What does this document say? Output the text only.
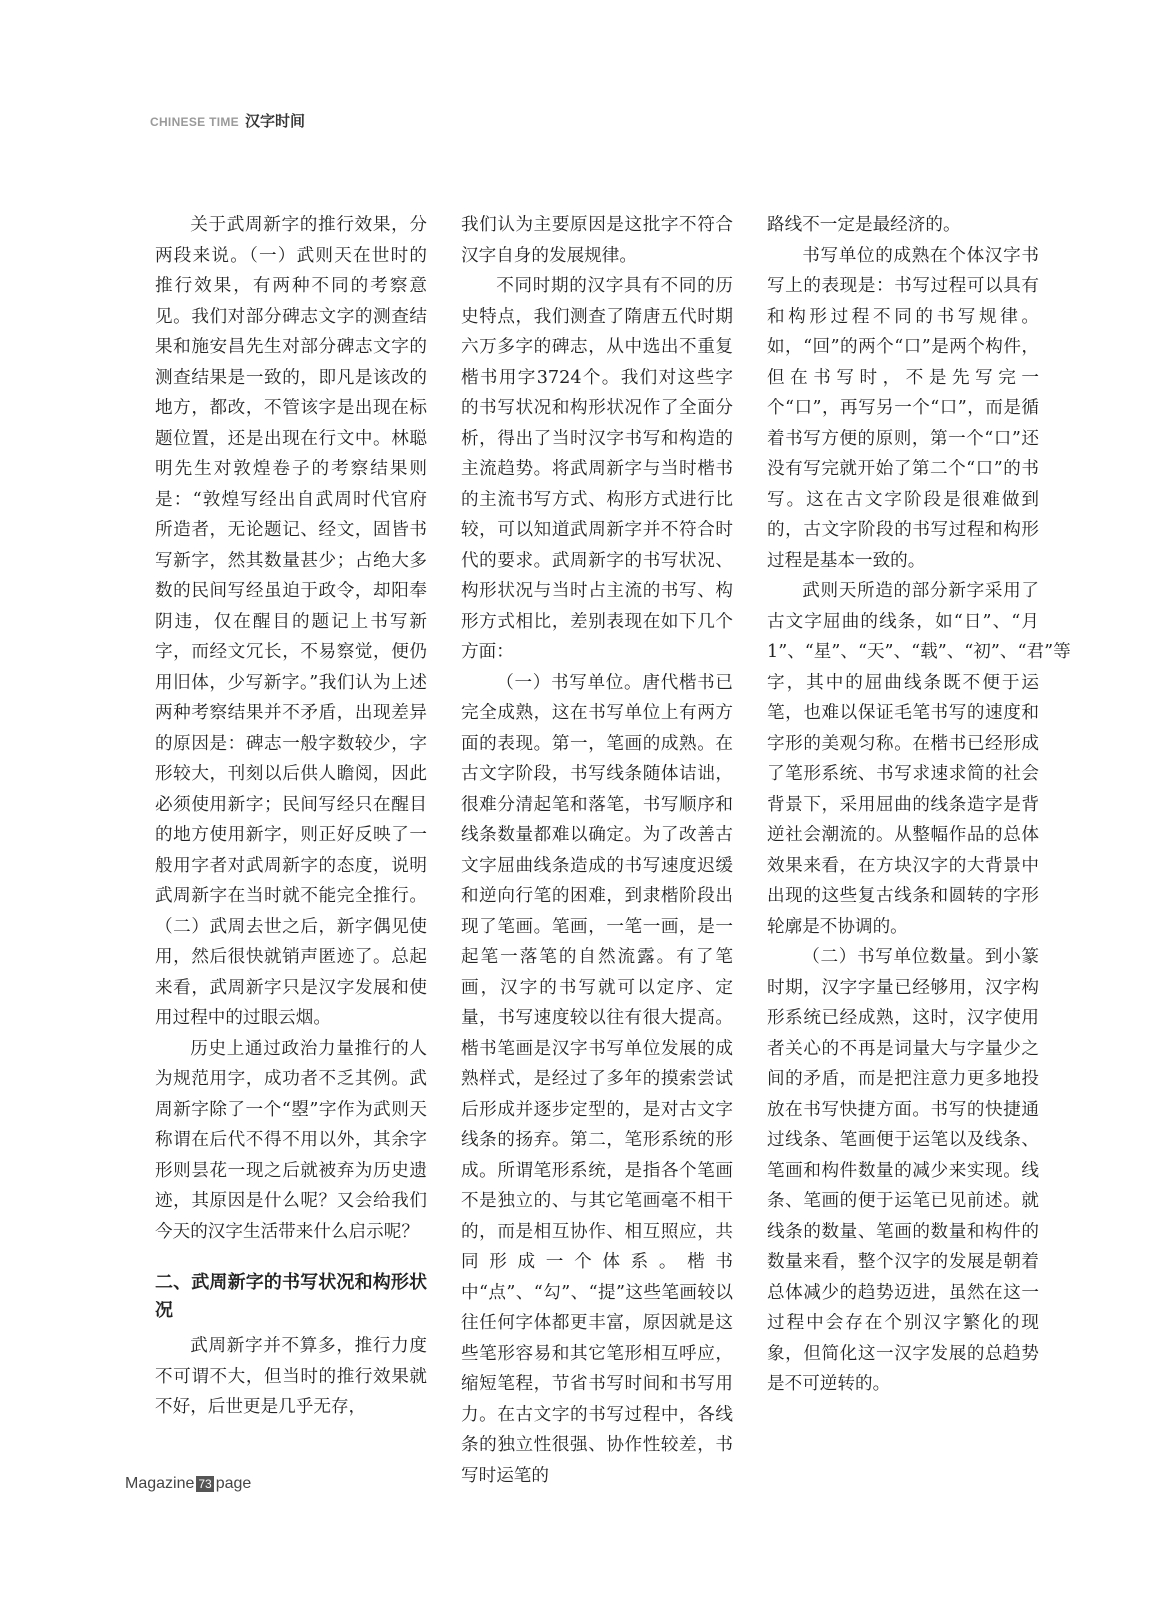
CHINESE TIME 汉字时间

关于武周新字的推行效果，分两段来说。（一）武则天在世时的推行效果，有两种不同的考察意见。我们对部分碑志文字的测查结果和施安昌先生对部分碑志文字的测查结果是一致的，即凡是该改的地方，都改，不管该字是出现在标题位置，还是出现在行文中。林聪明先生对敦煌卷子的考察结果则是：“敦煌写经出自武周时代官府所造者，无论题记、经文，固皆书写新字，然其数量甚少；占绝大多数的民间写经虽迫于政令，却阳奉阴违，仅在醒目的题记上书写新字，而经文冗长，不易察觉，便仍用旧体，少写新字。”我们认为上述两种考察结果并不矛盾，出现差异的原因是：碑志一般字数较少，字形较大，刊刻以后供人瞻阅，因此必须使用新字；民间写经只在醒目的地方使用新字，则正好反映了一般用字者对武周新字的态度，说明武周新字在当时就不能完全推行。（二）武周去世之后，新字偶见使用，然后很快就销声匿迹了。总起来看，武周新字只是汉字发展和使用过程中的过眼云烟。

历史上通过政治力量推行的人为规范用字，成功者不乏其例。武周新字除了一个“曌”字作为武则天称谓在后代不得不用以外，其余字形则昙花一现之后就被弃为历史遗迹，其原因是什么呢？又会给我们今天的汉字生活带来什么启示呢？

二、武周新字的书写状况和构形状况

武周新字并不算多，推行力度不可谓不大，但当时的推行效果就不好，后世更是几乎无存，

我们认为主要原因是这批字不符合汉字自身的发展规律。

不同时期的汉字具有不同的历史特点，我们测查了隋唐五代时期六万多字的碑志，从中选出不重复楷书用字3724个。我们对这些字的书写状况和构形状况作了全面分析，得出了当时汉字书写和构造的主流趋势。将武周新字与当时楷书的主流书写方式、构形方式进行比较，可以知道武周新字并不符合时代的要求。武周新字的书写状况、构形状况与当时占主流的书写、构形方式相比，差别表现在如下几个方面：

（一）书写单位。唐代楷书已完全成熟，这在书写单位上有两方面的表现。第一，笔画的成熟。在古文字阶段，书写线条随体诘诎，很难分清起笔和落笔，书写顺序和线条数量都难以确定。为了改善古文字屈曲线条造成的书写速度迟缓和逆向行笔的困难，到隶楷阶段出现了笔画。笔画，一笔一画，是一起笔一落笔的自然流露。有了笔画，汉字的书写就可以定序、定量，书写速度较以往有很大提高。楷书笔画是汉字书写单位发展的成熟样式，是经过了多年的摸索尝试后形成并逐步定型的，是对古文字线条的扬弃。第二，笔形系统的形成。所谓笔形系统，是指各个笔画不是独立的、与其它笔画毫不相干的，而是相互协作、相互照应，共同形成一个体系。楷书中“点”、“勾”、“提”这些笔画较以往任何字体都更丰富，原因就是这些笔形容易和其它笔形相互呼应，缩短笔程，节省书写时间和书写用力。在古文字的书写过程中，各线条的独立性很强、协作性较差，书写时运笔的

路线不一定是最经济的。

书写单位的成熟在个体汉字书写上的表现是：书写过程可以具有和构形过程不同的书写规律。如，“回”的两个“口”是两个构件，但在书写时，不是先写完一个“口”，再写另一个“口”，而是循着书写方便的原则，第一个“口”还没有写完就开始了第二个“口”的书写。这在古文字阶段是很难做到的，古文字阶段的书写过程和构形过程是基本一致的。

武则天所造的部分新字采用了古文字屈曲的线条，如“日”、“月1”、“星”、“天”、“载”、“初”、“君”等字，其中的屈曲线条既不便于运笔，也难以保证毛笔书写的速度和字形的美观匀称。在楷书已经形成了笔形系统、书写求速求简的社会背景下，采用屈曲的线条造字是背逆社会潮流的。从整幅作品的总体效果来看，在方块汉字的大背景中出现的这些复古线条和圆转的字形轮廓是不协调的。

（二）书写单位数量。到小篆时期，汉字字量已经够用，汉字构形系统已经成熟，这时，汉字使用者关心的不再是词量大与字量少之间的矛盾，而是把注意力更多地投放在书写快捷方面。书写的快捷通过线条、笔画便于运笔以及线条、笔画和构件数量的减少来实现。线条、笔画的便于运笔已见前述。就线条的数量、笔画的数量和构件的数量来看，整个汉字的发展是朝着总体减少的趋势迈进，虽然在这一过程中会存在个别汉字繁化的现象，但简化这一汉字发展的总趋势是不可逆转的。

Magazine 73 page
